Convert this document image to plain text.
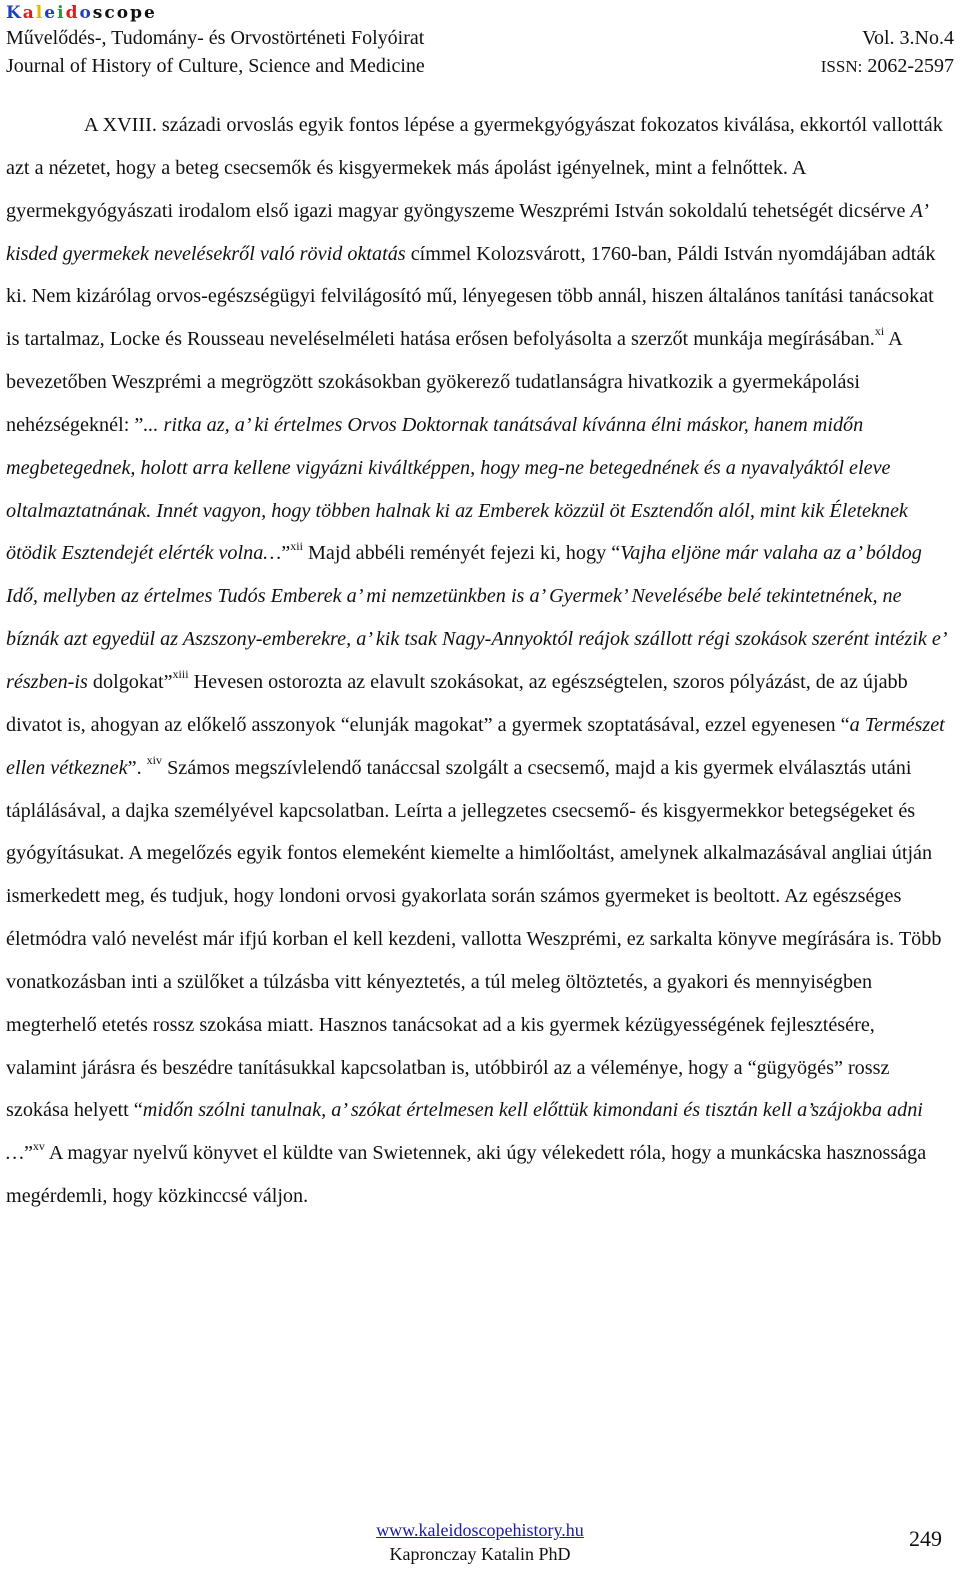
Kaleidoscope
Művelődés-, Tudomány- és Orvostörténeti Folyóirat	Vol. 3.No.4
Journal of History of Culture, Science and Medicine	ISSN: 2062-2597

A XVIII. századi orvoslás egyik fontos lépése a gyermekgyógyászat fokozatos kiválása, ekkortól vallották azt a nézetet, hogy a beteg csecsemők és kisgyermekek más ápolást igényelnek, mint a felnőttek. A gyermekgyógyászati irodalom első igazi magyar gyöngyszeme Weszprémi István sokoldalú tehetségét dicsérve A’ kisded gyermekek nevelésekről való rövid oktatás címmel Kolozsvárott, 1760-ban, Páldi István nyomdájában adták ki. Nem kizárólag orvos-egészségügyi felvilágosító mű, lényegesen több annál, hiszen általános tanítási tanácsokat is tartalmaz, Locke és Rousseau neveléselméleti hatása erősen befolyásolta a szerzőt munkája megírásában.$^{xi}$ A bevezetőben Weszprémi a megrögzött szokásokban gyökerező tudatlanságra hivatkozik a gyermekápolási nehézségeknél: ”... ritka az, a’ ki értelmes Orvos Doktornak tanátsával kívánna élni máskor, hanem midőn megbetegednek, holott arra kellene vigyázni kiváltképpen, hogy meg-ne betegednének és a nyavalyáktól eleve oltalmaztatnának. Innét vagyon, hogy többen halnak ki az Emberek közzül öt Esztendőn alól, mint kik Életeknek ötödik Esztendejét elérték volna…”$^{xii}$ Majd abbéli reményét fejezi ki, hogy “Vajha eljöne már valaha az a’ bóldog Idő, mellyben az értelmes Tudós Emberek a’ mi nemzetünkben is a’ Gyermek’ Nevelésébe belé tekintetnének, ne bíznák azt egyedül az Aszszony-emberekre, a’ kik tsak Nagy-Annyoktól reájok szállott régi szokások szerént intézik e’ részben-is dolgokat”$^{xiii}$ Hevesen ostorozta az elavult szokásokat, az egészségtelen, szoros pólyázást, de az újabb divatot is, ahogyan az előkelő asszonyok “elunják magokat” a gyermek szoptatásával, ezzel egyenesen “a Természet ellen vétkeznek”. $^{xiv}$ Számos megszívlelendő tanáccsal szolgált a csecsemő, majd a kis gyermek elválasztás utáni táplálásával, a dajka személyével kapcsolatban. Leírta a jellegzetes csecsemő- és kisgyermekkor betegségeket és gyógyításukat. A megelőzés egyik fontos elemeként kiemelte a himlőoltást, amelynek alkalmazásával angliai útján ismerkedett meg, és tudjuk, hogy londoni orvosi gyakorlata során számos gyermeket is beoltott. Az egészséges életmódra való nevelést már ifjú korban el kell kezdeni, vallotta Weszprémi, ez sarkalta könyve megírására is. Több vonatkozásban inti a szülőket a túlzásba vitt kényeztetés, a túl meleg öltöztetés, a gyakori és mennyiségben megterhelő etetés rossz szokása miatt. Hasznos tanácsokat ad a kis gyermek kézügyességének fejlesztésére, valamint járásra és beszédre tanításukkal kapcsolatban is, utóbbiról az a véleménye, hogy a “gügyögés” rossz szokása helyett “midőn szólni tanulnak, a’ szókat értelmesen kell előttük kimondani és tisztán kell a’szájokba adni …”$^{xv}$ A magyar nyelvű könyvet el küldte van Swietennek, aki úgy vélekedett róla, hogy a munkácska hasznossága megérdemli, hogy közkinccsé váljon.

www.kaleidoscopehistory.hu
Kapronczay Katalin PhD
249
